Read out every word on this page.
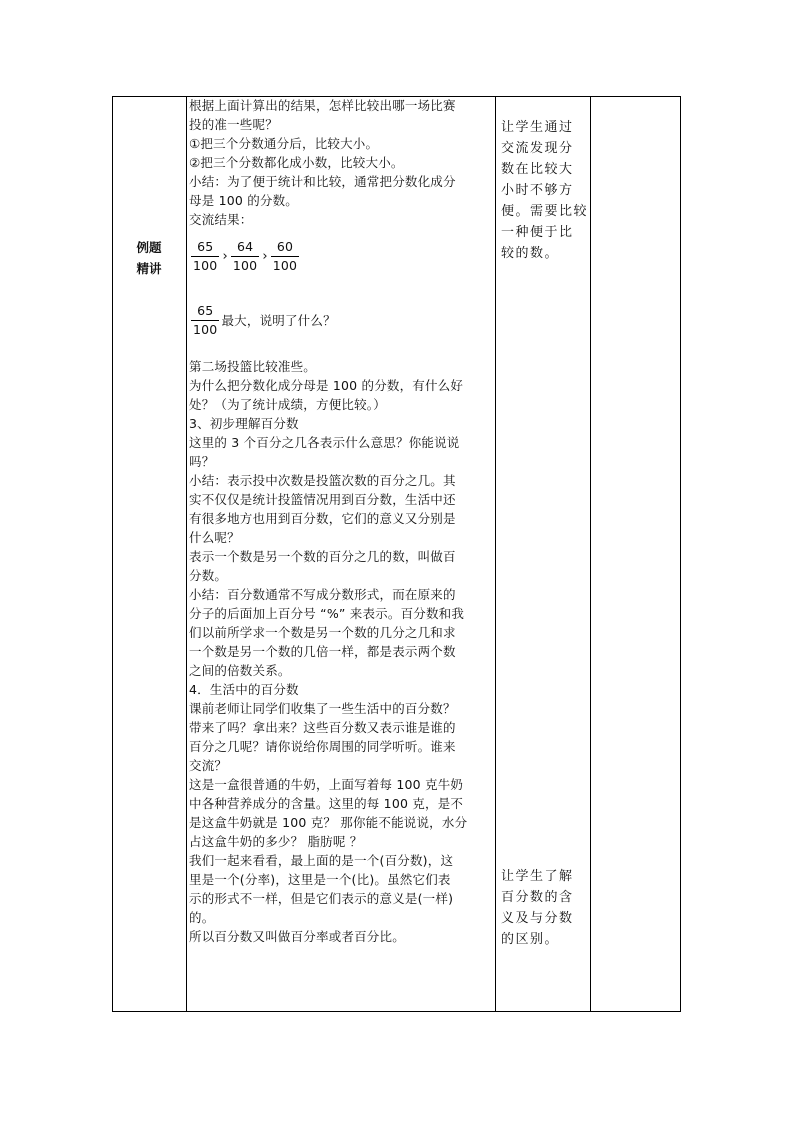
例题
精讲
根据上面计算出的结果，怎样比较出哪一场比赛
投的准一些呢？
①把三个分数通分后，比较大小。
②把三个分数都化成小数，比较大小。
小结：为了便于统计和比较，通常把分数化成分
母是 100 的分数。
交流结果：
$\frac{65}{100}$ › $\frac{64}{100}$ › $\frac{60}{100}$
$\frac{65}{100}$ 最大，说明了什么？
第二场投篮比较准些。
为什么把分数化成分母是 100 的分数，有什么好
处？（为了统计成绩，方便比较。）
3、初步理解百分数
这里的 3 个百分之几各表示什么意思？你能说说
吗？
小结：表示投中次数是投篮次数的百分之几。其
实不仅仅是统计投篮情况用到百分数，生活中还
有很多地方也用到百分数，它们的意义又分别是
什么呢？
表示一个数是另一个数的百分之几的数，叫做百
分数。
小结：百分数通常不写成分数形式，而在原来的
分子的后面加上百分号 “%” 来表示。百分数和我
们以前所学求一个数是另一个数的几分之几和求
一个数是另一个数的几倍一样，都是表示两个数
之间的倍数关系。
4．生活中的百分数
课前老师让同学们收集了一些生活中的百分数？
带来了吗？拿出来？这些百分数又表示谁是谁的
百分之几呢？请你说给你周围的同学听听。谁来
交流？
这是一盒很普通的牛奶，上面写着每 100 克牛奶
中各种营养成分的含量。这里的每 100 克，是不
是这盒牛奶就是 100 克？ 那你能不能说说，水分
占这盒牛奶的多少？ 脂肪呢 ？
我们一起来看看，最上面的是一个(百分数)，这
里是一个(分率)，这里是一个(比)。虽然它们表
示的形式不一样，但是它们表示的意义是(一样)
的。
所以百分数又叫做百分率或者百分比。
让学生通过
交流发现分
数在比较大
小时不够方
便。需要比较
一种便于比
较的数。
让学生了解
百分数的含
义及与分数
的区别。
